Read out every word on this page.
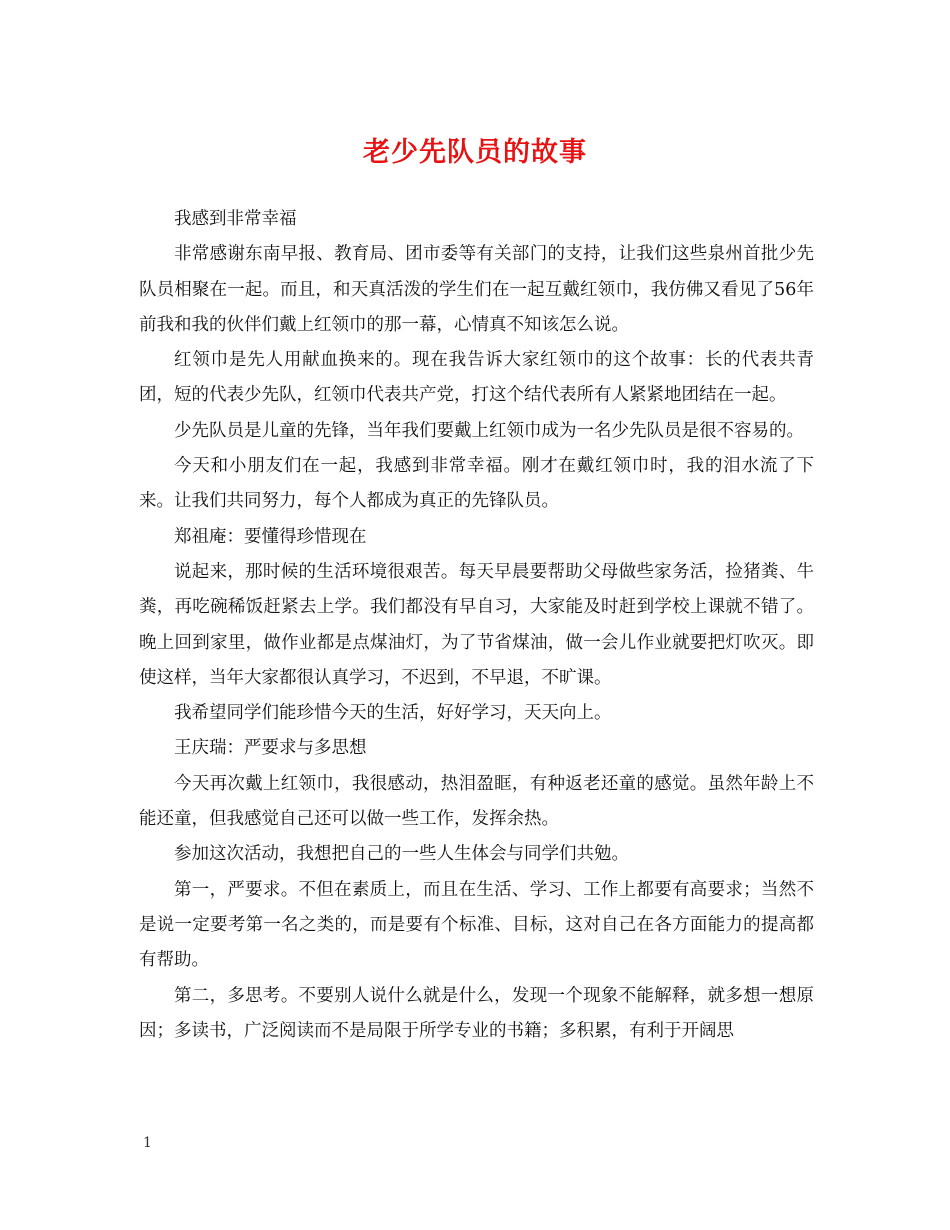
老少先队员的故事

我感到非常幸福

非常感谢东南早报、教育局、团市委等有关部门的支持，让我们这些泉州首批少先队员相聚在一起。而且，和天真活泼的学生们在一起互戴红领巾，我仿佛又看见了56年前我和我的伙伴们戴上红领巾的那一幕，心情真不知该怎么说。

红领巾是先人用献血换来的。现在我告诉大家红领巾的这个故事：长的代表共青团，短的代表少先队，红领巾代表共产党，打这个结代表所有人紧紧地团结在一起。

少先队员是儿童的先锋，当年我们要戴上红领巾成为一名少先队员是很不容易的。

今天和小朋友们在一起，我感到非常幸福。刚才在戴红领巾时，我的泪水流了下来。让我们共同努力，每个人都成为真正的先锋队员。

郑祖庵：要懂得珍惜现在

说起来，那时候的生活环境很艰苦。每天早晨要帮助父母做些家务活，捡猪粪、牛粪，再吃碗稀饭赶紧去上学。我们都没有早自习，大家能及时赶到学校上课就不错了。晚上回到家里，做作业都是点煤油灯，为了节省煤油，做一会儿作业就要把灯吹灭。即使这样，当年大家都很认真学习，不迟到，不早退，不旷课。

我希望同学们能珍惜今天的生活，好好学习，天天向上。

王庆瑞：严要求与多思想

今天再次戴上红领巾，我很感动，热泪盈眶，有种返老还童的感觉。虽然年龄上不能还童，但我感觉自己还可以做一些工作，发挥余热。

参加这次活动，我想把自己的一些人生体会与同学们共勉。

第一，严要求。不但在素质上，而且在生活、学习、工作上都要有高要求；当然不是说一定要考第一名之类的，而是要有个标准、目标，这对自己在各方面能力的提高都有帮助。

第二，多思考。不要别人说什么就是什么，发现一个现象不能解释，就多想一想原因；多读书，广泛阅读而不是局限于所学专业的书籍；多积累，有利于开阔思

1
